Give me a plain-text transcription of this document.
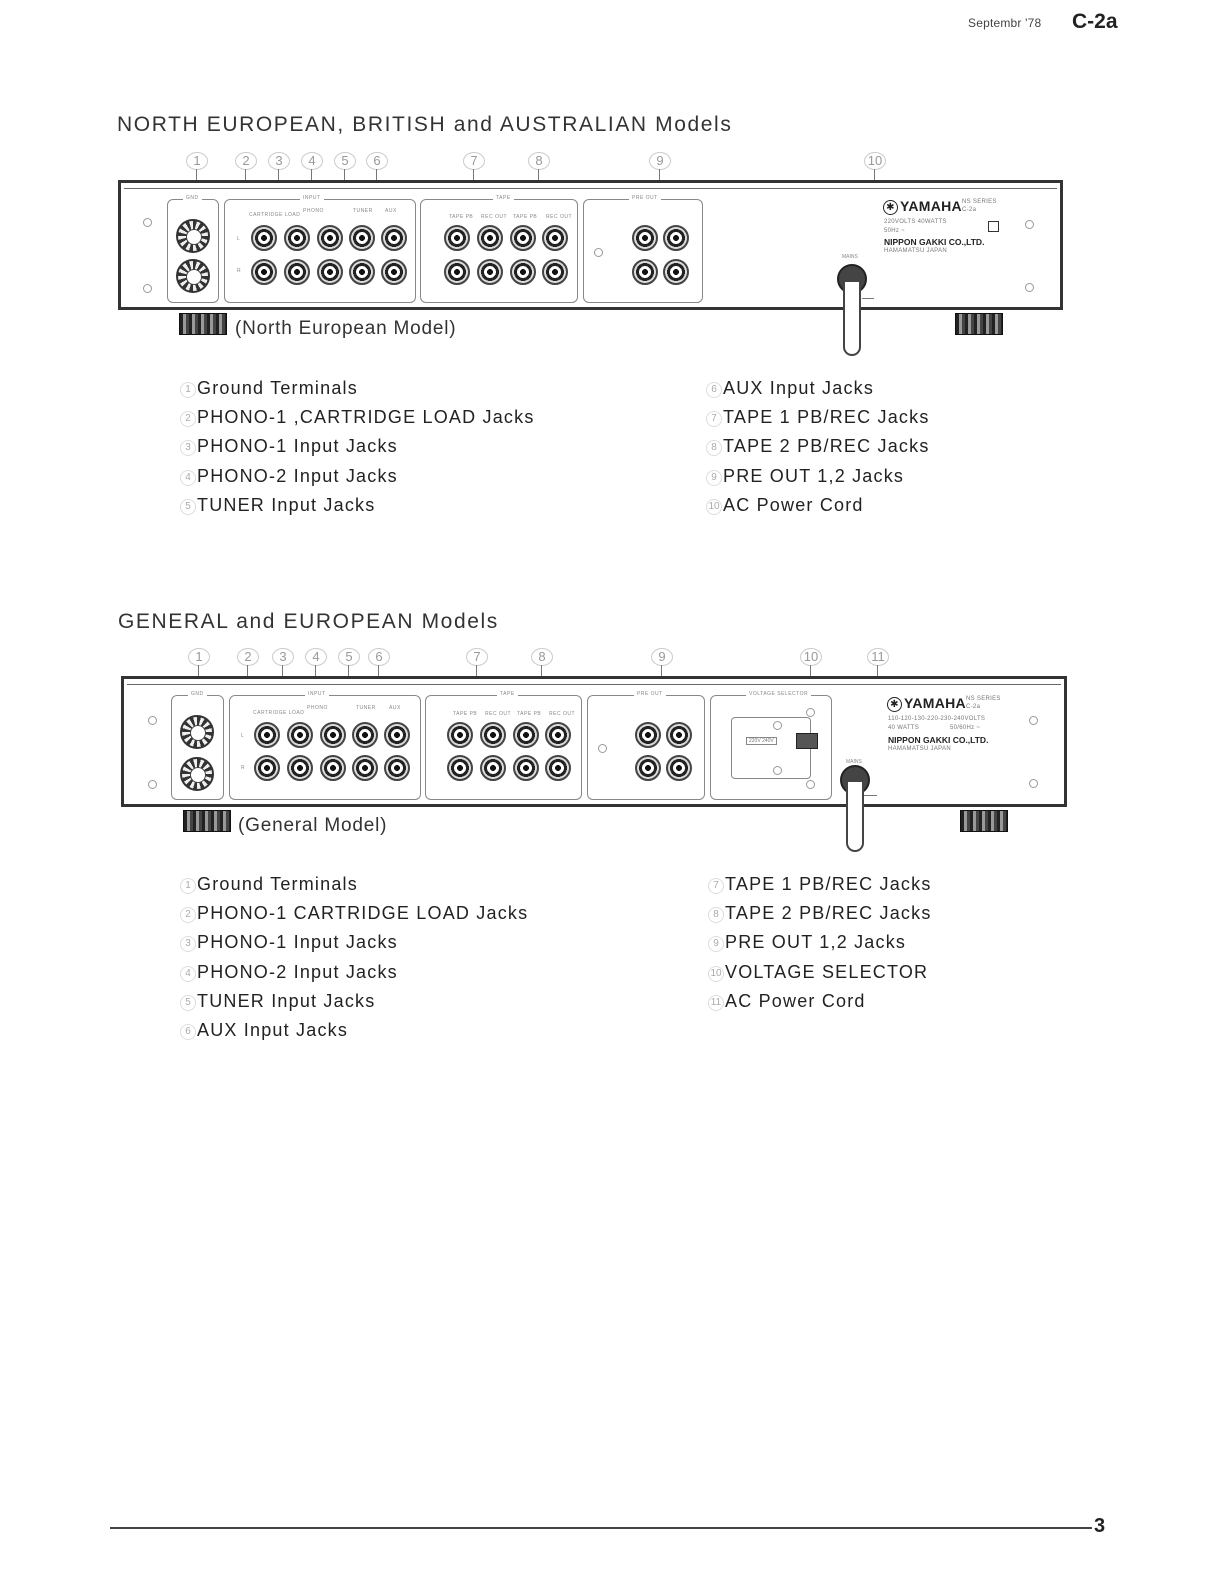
Septembr '78 C-2a
NORTH EUROPEAN, BRITISH and AUSTRALIAN Models
1	2	3	4	5	6	7	8	9	10
GND	INPUT
CARTRIDGE LOAD
PHONO	TUNER	AUX
L
R
TAPE
TAPE PB	REC OUT	TAPE PB	REC OUT
PRE OUT
✱ YAMAHA NS SERIES
C-2a
220VOLTS 40WATTS
50Hz ~
NIPPON GAKKI CO.,LTD.
HAMAMATSU JAPAN
MAINS
(North European Model)
1 Ground Terminals
2 PHONO-1 ,CARTRIDGE LOAD Jacks
3 PHONO-1 Input Jacks
4 PHONO-2 Input Jacks
5 TUNER Input Jacks
6 AUX Input Jacks
7 TAPE 1 PB/REC Jacks
8 TAPE 2 PB/REC Jacks
9 PRE OUT 1,2 Jacks
10 AC Power Cord
GENERAL and EUROPEAN Models
1	2	3	4	5	6	7	8	9	10	11
GND	INPUT
CARTRIDGE LOAD
PHONO	TUNER	AUX
L
R
TAPE
TAPE PB	REC OUT	TAPE PB	REC OUT
PRE OUT	VOLTAGE SELECTOR
220V 240V
✱ YAMAHA NS SERIES
C-2a
110-120-130-220-230-240VOLTS
40 WATTS	50/60Hz ~
NIPPON GAKKI CO.,LTD.
HAMAMATSU JAPAN
MAINS
(General Model)
1 Ground Terminals
2 PHONO-1 CARTRIDGE LOAD Jacks
3 PHONO-1 Input Jacks
4 PHONO-2 Input Jacks
5 TUNER Input Jacks
6 AUX Input Jacks
7 TAPE 1 PB/REC Jacks
8 TAPE 2 PB/REC Jacks
9 PRE OUT 1,2 Jacks
10 VOLTAGE SELECTOR
11 AC Power Cord
3
